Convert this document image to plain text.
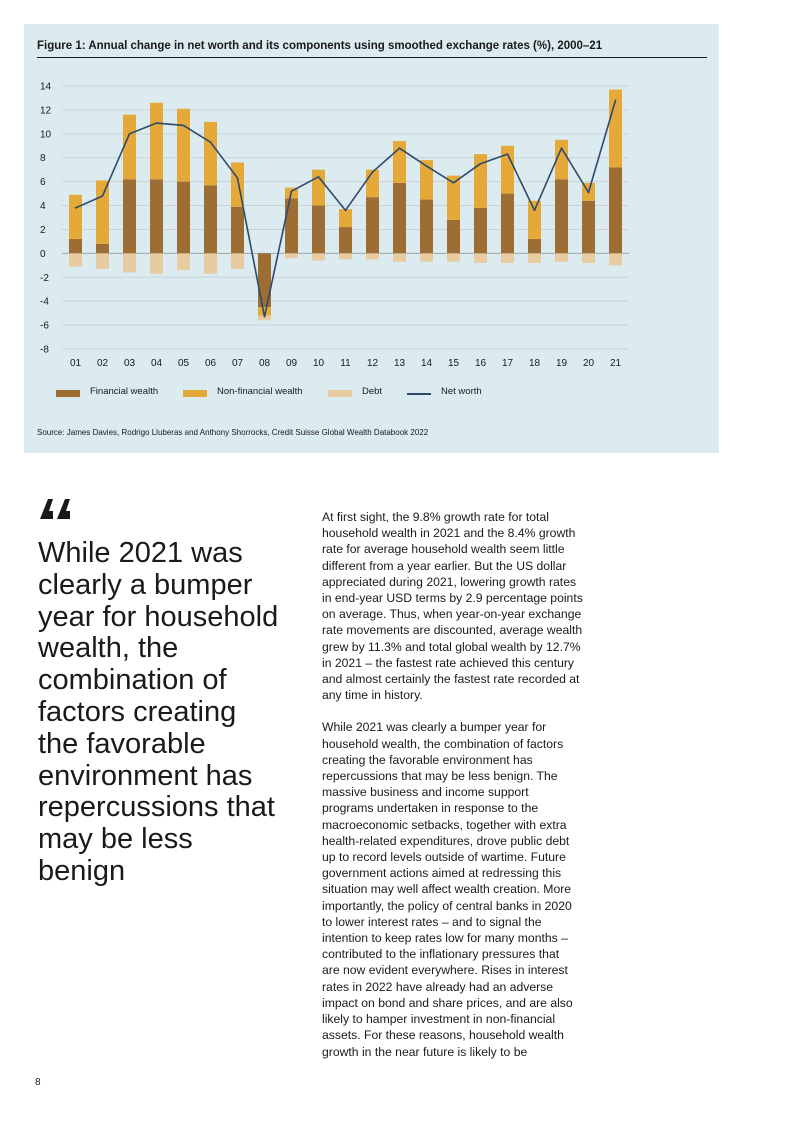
Figure 1: Annual change in net worth and its components using smoothed exchange rates (%), 2000–21
14
12
10
8
6
4
2
0
-2
-4
-6
-8
01 02 03 04 05 06 07 08 09 10 11 12 13 14 15 16 17 18 19 20 21
Financial wealth	Non-financial wealth	Debt	Net worth
Source: James Davies, Rodrigo Lluberas and Anthony Shorrocks, Credit Suisse Global Wealth Databook 2022
While 2021 was
clearly a bumper
year for household
wealth, the
combination of
factors creating
the favorable
environment has
repercussions that
may be less
benign

At first sight, the 9.8% growth rate for total
household wealth in 2021 and the 8.4% growth
rate for average household wealth seem little
different from a year earlier. But the US dollar
appreciated during 2021, lowering growth rates
in end-year USD terms by 2.9 percentage points
on average. Thus, when year-on-year exchange
rate movements are discounted, average wealth
grew by 11.3% and total global wealth by 12.7%
in 2021 – the fastest rate achieved this century
and almost certainly the fastest rate recorded at
any time in history.

While 2021 was clearly a bumper year for
household wealth, the combination of factors
creating the favorable environment has
repercussions that may be less benign. The
massive business and income support
programs undertaken in response to the
macroeconomic setbacks, together with extra
health-related expenditures, drove public debt
up to record levels outside of wartime. Future
government actions aimed at redressing this
situation may well affect wealth creation. More
importantly, the policy of central banks in 2020
to lower interest rates – and to signal the
intention to keep rates low for many months –
contributed to the inflationary pressures that
are now evident everywhere. Rises in interest
rates in 2022 have already had an adverse
impact on bond and share prices, and are also
likely to hamper investment in non-financial
assets. For these reasons, household wealth
growth in the near future is likely to be

8
